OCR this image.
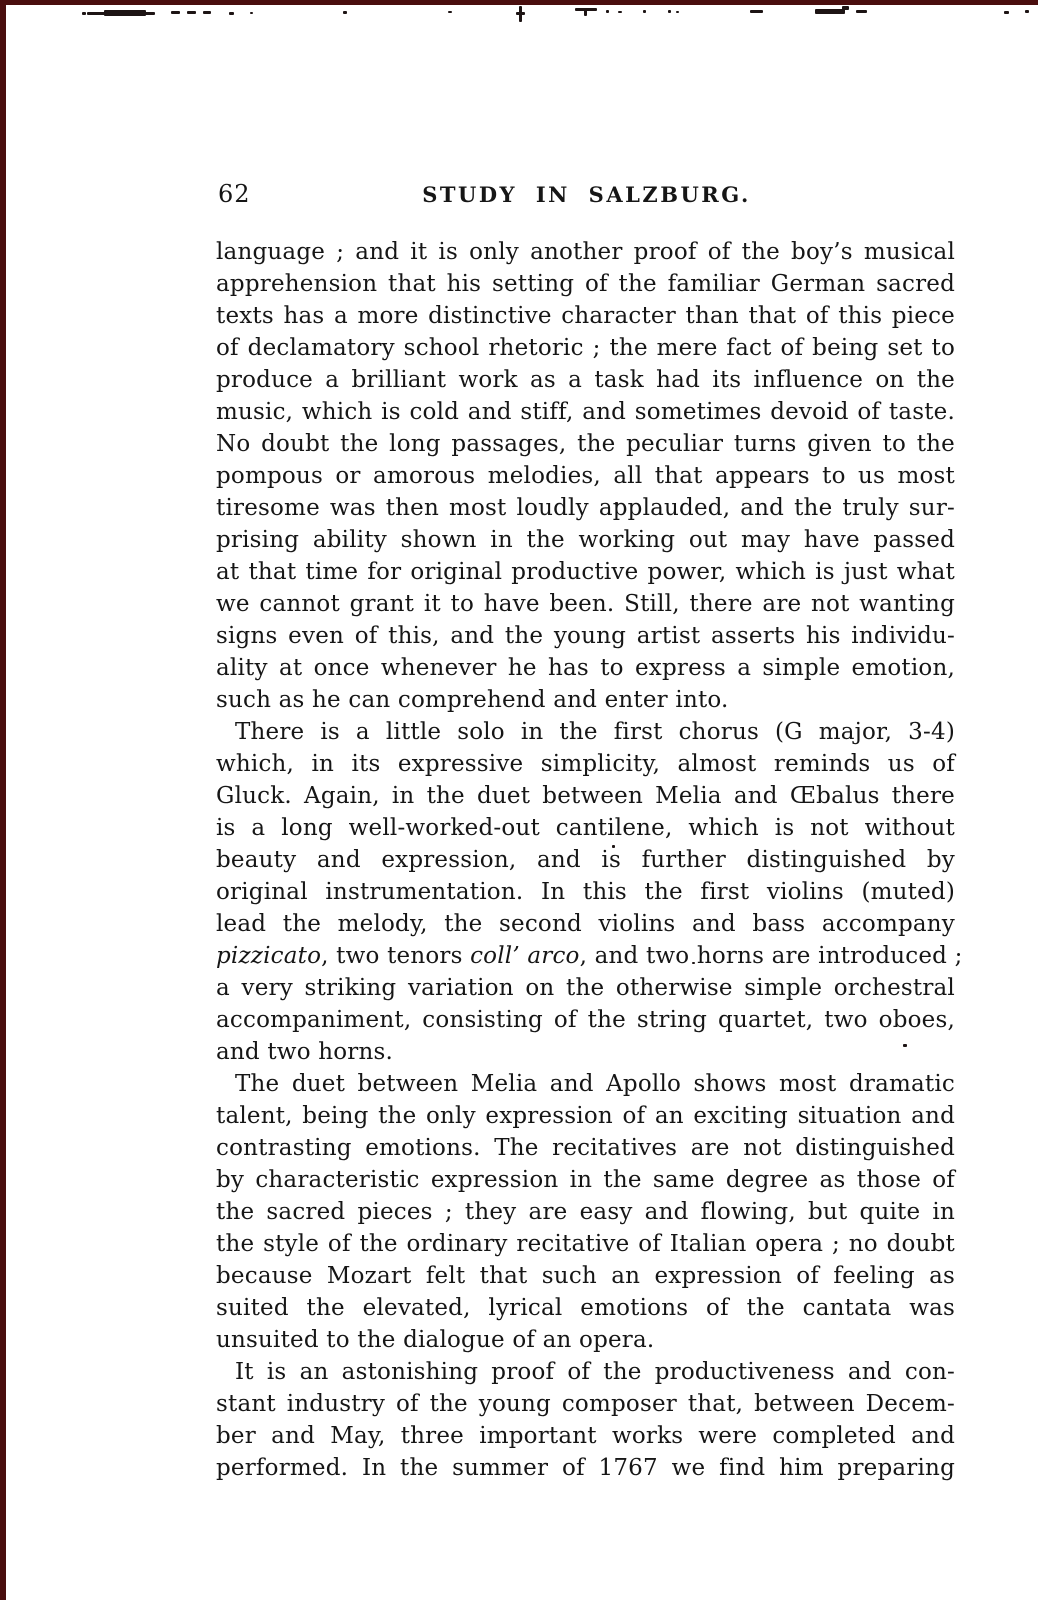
62	STUDY IN SALZBURG.
language ; and it is only another proof of the boy’s musical
apprehension that his setting of the familiar German sacred
texts has a more distinctive character than that of this piece
of declamatory school rhetoric ; the mere fact of being set to
produce a brilliant work as a task had its influence on the
music, which is cold and stiff, and sometimes devoid of taste.
No doubt the long passages, the peculiar turns given to the
pompous or amorous melodies, all that appears to us most
tiresome was then most loudly applauded, and the truly sur-
prising ability shown in the working out may have passed
at that time for original productive power, which is just what
we cannot grant it to have been. Still, there are not wanting
signs even of this, and the young artist asserts his individu-
ality at once whenever he has to express a simple emotion,
such as he can comprehend and enter into.
There is a little solo in the first chorus (G major, 3-4)
which, in its expressive simplicity, almost reminds us of
Gluck. Again, in the duet between Melia and Œbalus there
is a long well-worked-out cantilene, which is not without
beauty and expression, and is further distinguished by
original instrumentation. In this the first violins (muted)
lead the melody, the second violins and bass accompany
pizzicato, two tenors coll’ arco, and two horns are introduced ;
a very striking variation on the otherwise simple orchestral
accompaniment, consisting of the string quartet, two oboes,
and two horns.
The duet between Melia and Apollo shows most dramatic
talent, being the only expression of an exciting situation and
contrasting emotions. The recitatives are not distinguished
by characteristic expression in the same degree as those of
the sacred pieces ; they are easy and flowing, but quite in
the style of the ordinary recitative of Italian opera ; no doubt
because Mozart felt that such an expression of feeling as
suited the elevated, lyrical emotions of the cantata was
unsuited to the dialogue of an opera.
It is an astonishing proof of the productiveness and con-
stant industry of the young composer that, between Decem-
ber and May, three important works were completed and
performed. In the summer of 1767 we find him preparing
